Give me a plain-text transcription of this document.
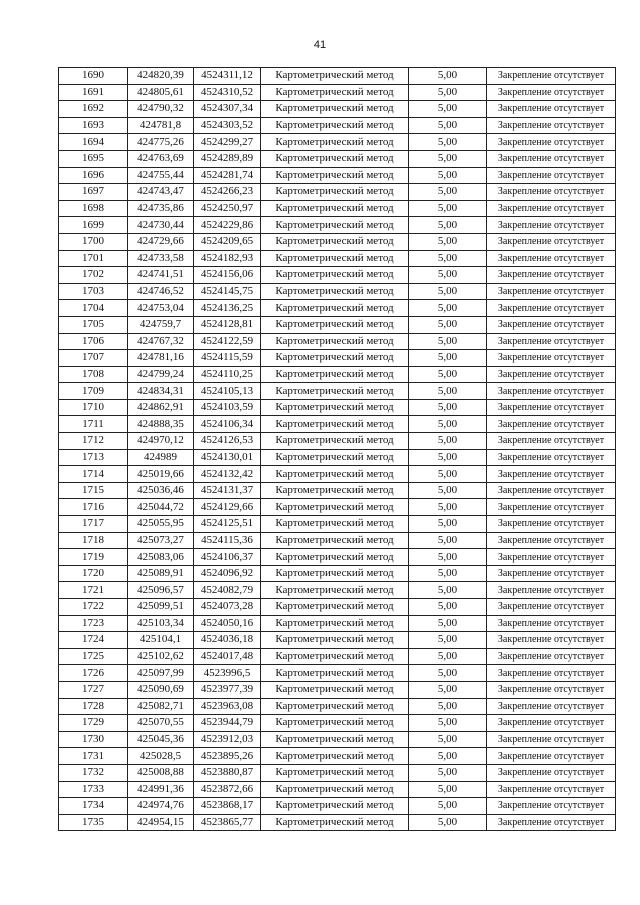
41
1690	424820,39	4524311,12	Картометрический метод	5,00	Закрепление отсутствует
1691	424805,61	4524310,52	Картометрический метод	5,00	Закрепление отсутствует
1692	424790,32	4524307,34	Картометрический метод	5,00	Закрепление отсутствует
1693	424781,8	4524303,52	Картометрический метод	5,00	Закрепление отсутствует
1694	424775,26	4524299,27	Картометрический метод	5,00	Закрепление отсутствует
1695	424763,69	4524289,89	Картометрический метод	5,00	Закрепление отсутствует
1696	424755,44	4524281,74	Картометрический метод	5,00	Закрепление отсутствует
1697	424743,47	4524266,23	Картометрический метод	5,00	Закрепление отсутствует
1698	424735,86	4524250,97	Картометрический метод	5,00	Закрепление отсутствует
1699	424730,44	4524229,86	Картометрический метод	5,00	Закрепление отсутствует
1700	424729,66	4524209,65	Картометрический метод	5,00	Закрепление отсутствует
1701	424733,58	4524182,93	Картометрический метод	5,00	Закрепление отсутствует
1702	424741,51	4524156,06	Картометрический метод	5,00	Закрепление отсутствует
1703	424746,52	4524145,75	Картометрический метод	5,00	Закрепление отсутствует
1704	424753,04	4524136,25	Картометрический метод	5,00	Закрепление отсутствует
1705	424759,7	4524128,81	Картометрический метод	5,00	Закрепление отсутствует
1706	424767,32	4524122,59	Картометрический метод	5,00	Закрепление отсутствует
1707	424781,16	4524115,59	Картометрический метод	5,00	Закрепление отсутствует
1708	424799,24	4524110,25	Картометрический метод	5,00	Закрепление отсутствует
1709	424834,31	4524105,13	Картометрический метод	5,00	Закрепление отсутствует
1710	424862,91	4524103,59	Картометрический метод	5,00	Закрепление отсутствует
1711	424888,35	4524106,34	Картометрический метод	5,00	Закрепление отсутствует
1712	424970,12	4524126,53	Картометрический метод	5,00	Закрепление отсутствует
1713	424989	4524130,01	Картометрический метод	5,00	Закрепление отсутствует
1714	425019,66	4524132,42	Картометрический метод	5,00	Закрепление отсутствует
1715	425036,46	4524131,37	Картометрический метод	5,00	Закрепление отсутствует
1716	425044,72	4524129,66	Картометрический метод	5,00	Закрепление отсутствует
1717	425055,95	4524125,51	Картометрический метод	5,00	Закрепление отсутствует
1718	425073,27	4524115,36	Картометрический метод	5,00	Закрепление отсутствует
1719	425083,06	4524106,37	Картометрический метод	5,00	Закрепление отсутствует
1720	425089,91	4524096,92	Картометрический метод	5,00	Закрепление отсутствует
1721	425096,57	4524082,79	Картометрический метод	5,00	Закрепление отсутствует
1722	425099,51	4524073,28	Картометрический метод	5,00	Закрепление отсутствует
1723	425103,34	4524050,16	Картометрический метод	5,00	Закрепление отсутствует
1724	425104,1	4524036,18	Картометрический метод	5,00	Закрепление отсутствует
1725	425102,62	4524017,48	Картометрический метод	5,00	Закрепление отсутствует
1726	425097,99	4523996,5	Картометрический метод	5,00	Закрепление отсутствует
1727	425090,69	4523977,39	Картометрический метод	5,00	Закрепление отсутствует
1728	425082,71	4523963,08	Картометрический метод	5,00	Закрепление отсутствует
1729	425070,55	4523944,79	Картометрический метод	5,00	Закрепление отсутствует
1730	425045,36	4523912,03	Картометрический метод	5,00	Закрепление отсутствует
1731	425028,5	4523895,26	Картометрический метод	5,00	Закрепление отсутствует
1732	425008,88	4523880,87	Картометрический метод	5,00	Закрепление отсутствует
1733	424991,36	4523872,66	Картометрический метод	5,00	Закрепление отсутствует
1734	424974,76	4523868,17	Картометрический метод	5,00	Закрепление отсутствует
1735	424954,15	4523865,77	Картометрический метод	5,00	Закрепление отсутствует
